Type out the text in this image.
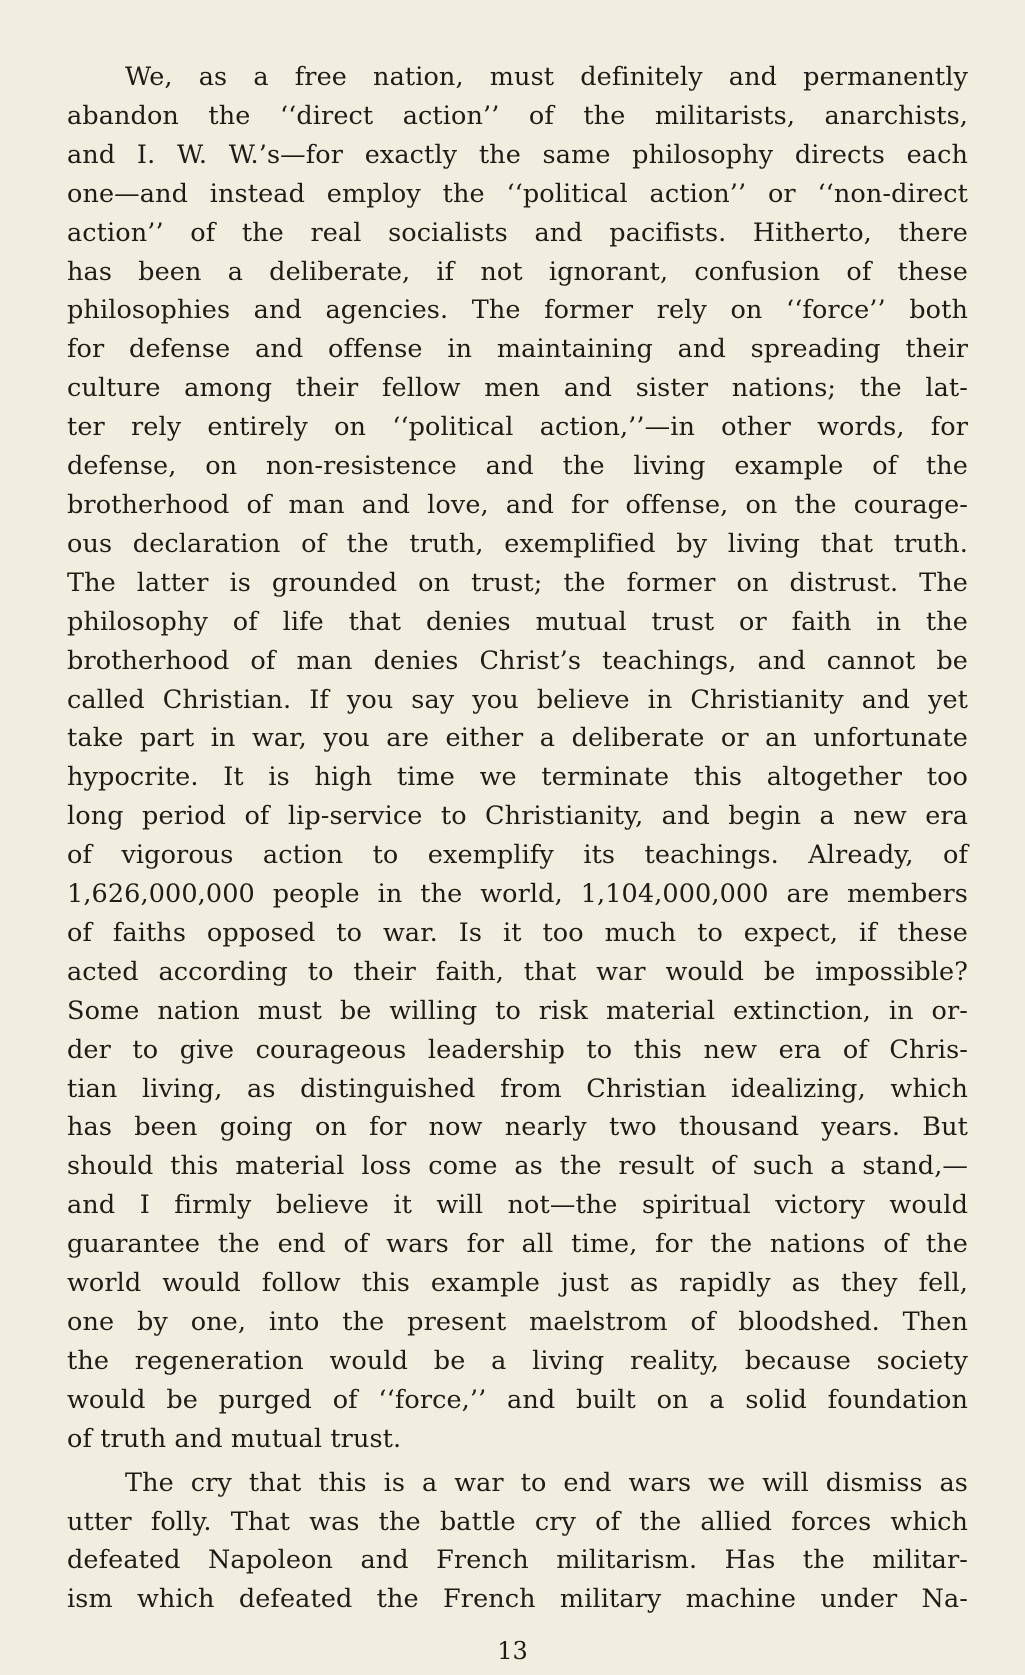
We, as a free nation, must definitely and permanently
abandon the ‘‘direct action’’ of the militarists, anarchists,
and I. W. W.’s—for exactly the same philosophy directs each
one—and instead employ the ‘‘political action’’ or ‘‘non-direct
action’’ of the real socialists and pacifists. Hitherto, there
has been a deliberate, if not ignorant, confusion of these
philosophies and agencies. The former rely on ‘‘force’’ both
for defense and offense in maintaining and spreading their
culture among their fellow men and sister nations; the lat-
ter rely entirely on ‘‘political action,’’—in other words, for
defense, on non-resistence and the living example of the
brotherhood of man and love, and for offense, on the courage-
ous declaration of the truth, exemplified by living that truth.
The latter is grounded on trust; the former on distrust. The
philosophy of life that denies mutual trust or faith in the
brotherhood of man denies Christ’s teachings, and cannot be
called Christian. If you say you believe in Christianity and yet
take part in war, you are either a deliberate or an unfortunate
hypocrite. It is high time we terminate this altogether too
long period of lip-service to Christianity, and begin a new era
of vigorous action to exemplify its teachings. Already, of
1,626,000,000 people in the world, 1,104,000,000 are members
of faiths opposed to war. Is it too much to expect, if these
acted according to their faith, that war would be impossible?
Some nation must be willing to risk material extinction, in or-
der to give courageous leadership to this new era of Chris-
tian living, as distinguished from Christian idealizing, which
has been going on for now nearly two thousand years. But
should this material loss come as the result of such a stand,—
and I firmly believe it will not—the spiritual victory would
guarantee the end of wars for all time, for the nations of the
world would follow this example just as rapidly as they fell,
one by one, into the present maelstrom of bloodshed. Then
the regeneration would be a living reality, because society
would be purged of ‘‘force,’’ and built on a solid foundation
of truth and mutual trust.

The cry that this is a war to end wars we will dismiss as
utter folly. That was the battle cry of the allied forces which
defeated Napoleon and French militarism. Has the militar-
ism which defeated the French military machine under Na-

13
